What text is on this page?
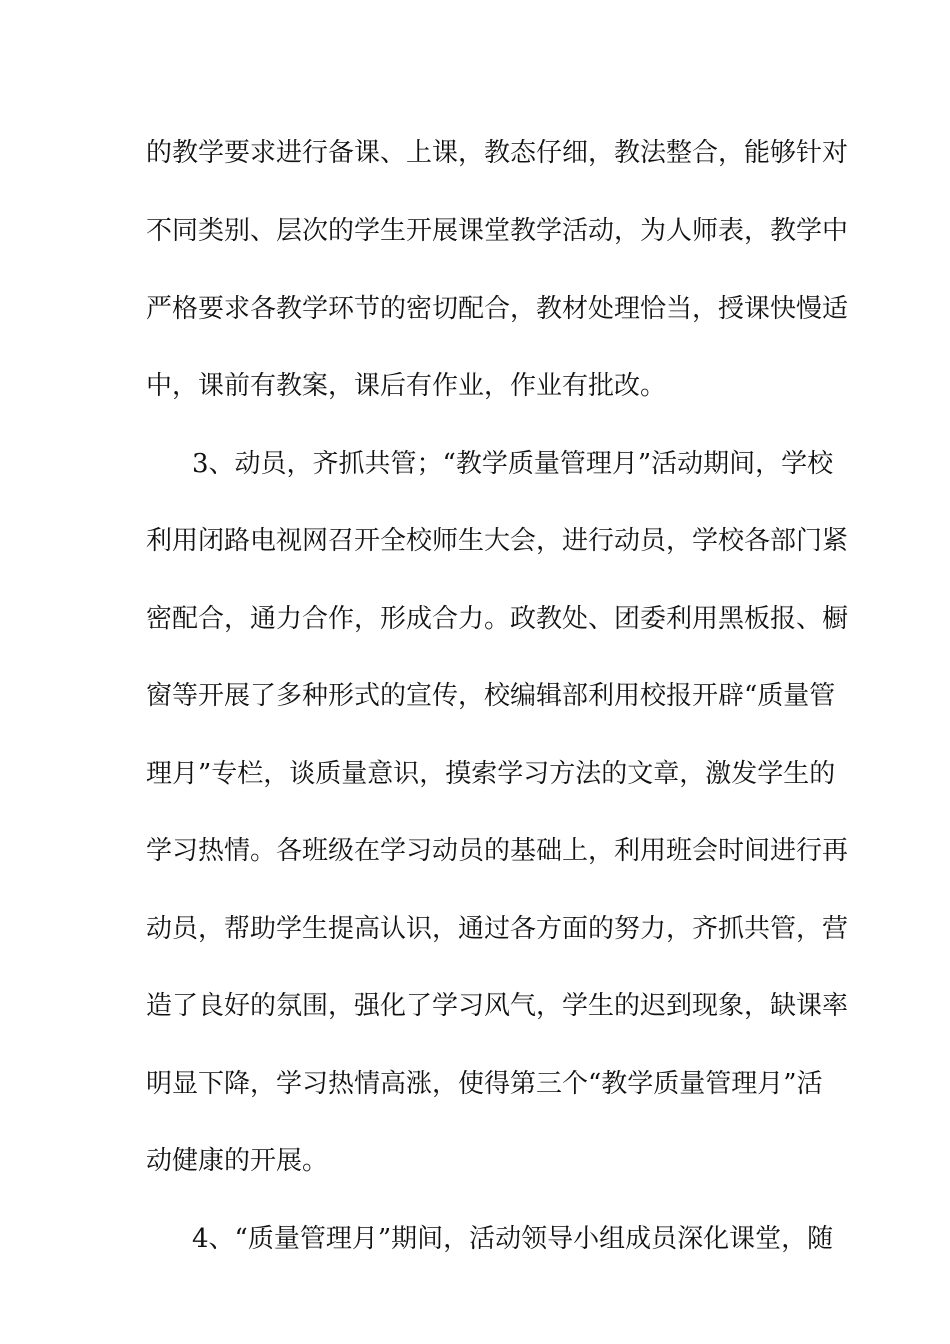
的教学要求进行备课、上课，教态仔细，教法整合，能够针对
不同类别、层次的学生开展课堂教学活动，为人师表，教学中
严格要求各教学环节的密切配合，教材处理恰当，授课快慢适
中，课前有教案，课后有作业，作业有批改。
3、动员，齐抓共管；“教学质量管理月”活动期间，学校
利用闭路电视网召开全校师生大会，进行动员，学校各部门紧
密配合，通力合作，形成合力。政教处、团委利用黑板报、橱
窗等开展了多种形式的宣传，校编辑部利用校报开辟“质量管
理月”专栏，谈质量意识，摸索学习方法的文章，激发学生的
学习热情。各班级在学习动员的基础上，利用班会时间进行再
动员，帮助学生提高认识，通过各方面的努力，齐抓共管，营
造了良好的氛围，强化了学习风气，学生的迟到现象，缺课率
明显下降，学习热情高涨，使得第三个“教学质量管理月”活
动健康的开展。
4、“质量管理月”期间，活动领导小组成员深化课堂，随
